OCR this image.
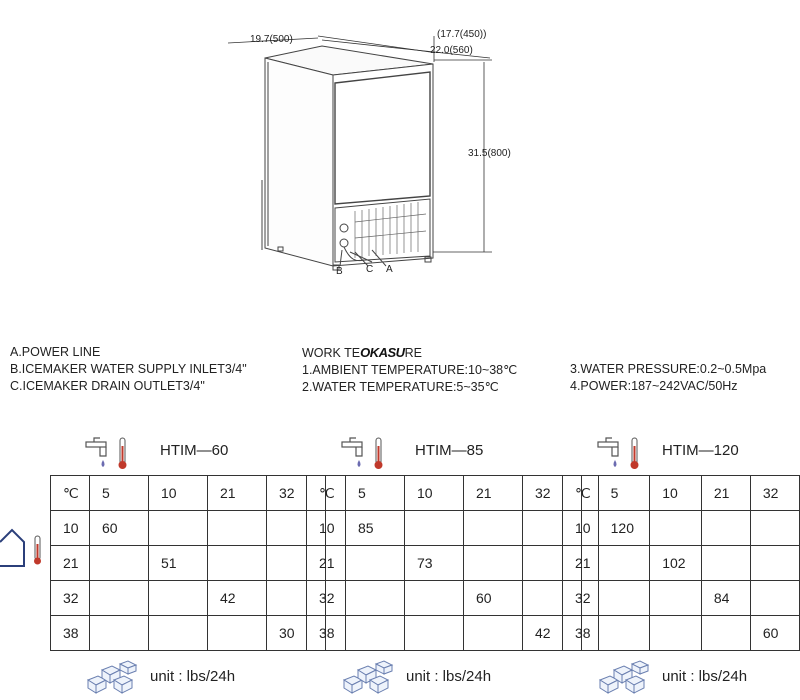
19.7(500)	(17.7(450))
22.0(560)
31.5(800)
B C A
A.POWER LINE
B.ICEMAKER WATER SUPPLY INLET3/4"
C.ICEMAKER DRAIN OUTLET3/4"
WORK TEOKASURE
1.AMBIENT TEMPERATURE:10~38℃
2.WATER TEMPERATURE:5~35℃
3.WATER PRESSURE:0.2~0.5Mpa
4.POWER:187~242VAC/50Hz
HTIM—60	HTIM—85	HTIM—120
℃	5	10	21	32
10	60			
21		51		
32			42	
38				30
℃	5	10	21	32
10	85			
21		73		
32			60	
38				42
℃	5	10	21	32
10	120			
21		102		
32			84	
38				60
unit : lbs/24h	unit : lbs/24h	unit : lbs/24h
